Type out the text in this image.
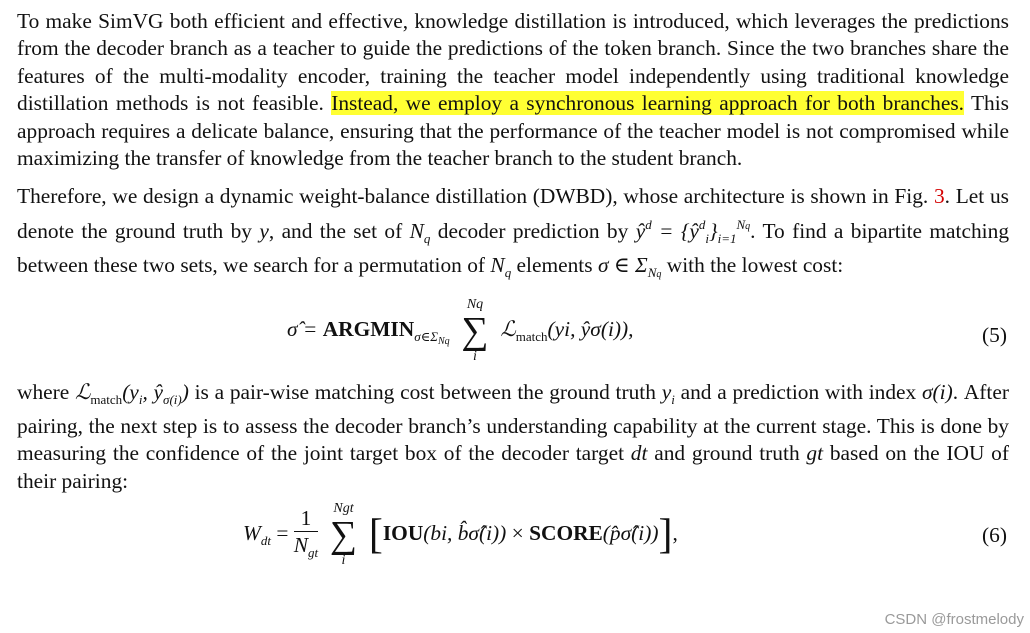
To make SimVG both efficient and effective, knowledge distillation is introduced, which leverages the predictions from the decoder branch as a teacher to guide the predictions of the token branch. Since the two branches share the features of the multi-modality encoder, training the teacher model independently using traditional knowledge distillation methods is not feasible. Instead, we employ a synchronous learning approach for both branches. This approach requires a delicate balance, ensuring that the performance of the teacher model is not compromised while maximizing the transfer of knowledge from the teacher branch to the student branch.

Therefore, we design a dynamic weight-balance distillation (DWBD), whose architecture is shown in Fig. 3. Let us denote the ground truth by y, and the set of $N_q$ decoder prediction by $ŷ^d$ = $\{ŷ^d_i\}_{i=1}^{Nq}$. To find a bipartite matching between these two sets, we search for a permutation of $N_q$ elements σ ∈ $\Sigma_{Nq}$ with the lowest cost:

σ̂ = $ARGMIN_{\sigma\in\Sigma_{Nq}}$
Nq
∑
i
ℒ$_{match}$(yi, ŷσ(i)),	(5)

where $ℒ_{match}(y_i$, $ŷ_{\sigma(i)}$) is a pair-wise matching cost between the ground truth $y_i$ and a prediction with index σ(i). After pairing, the next step is to assess the decoder branch’s understanding capability at the current stage. This is done by measuring the confidence of the joint target box of the decoder target dt and ground truth gt based on the IOU of their pairing:

$W_{dt} = \frac{1}{N_{gt}}$
	Ngt
∑
i
[IOU(bi, b̂σ̂(i)) × SCORE(p̂σ̂(i))],	(6)
CSDN @frostmelody
